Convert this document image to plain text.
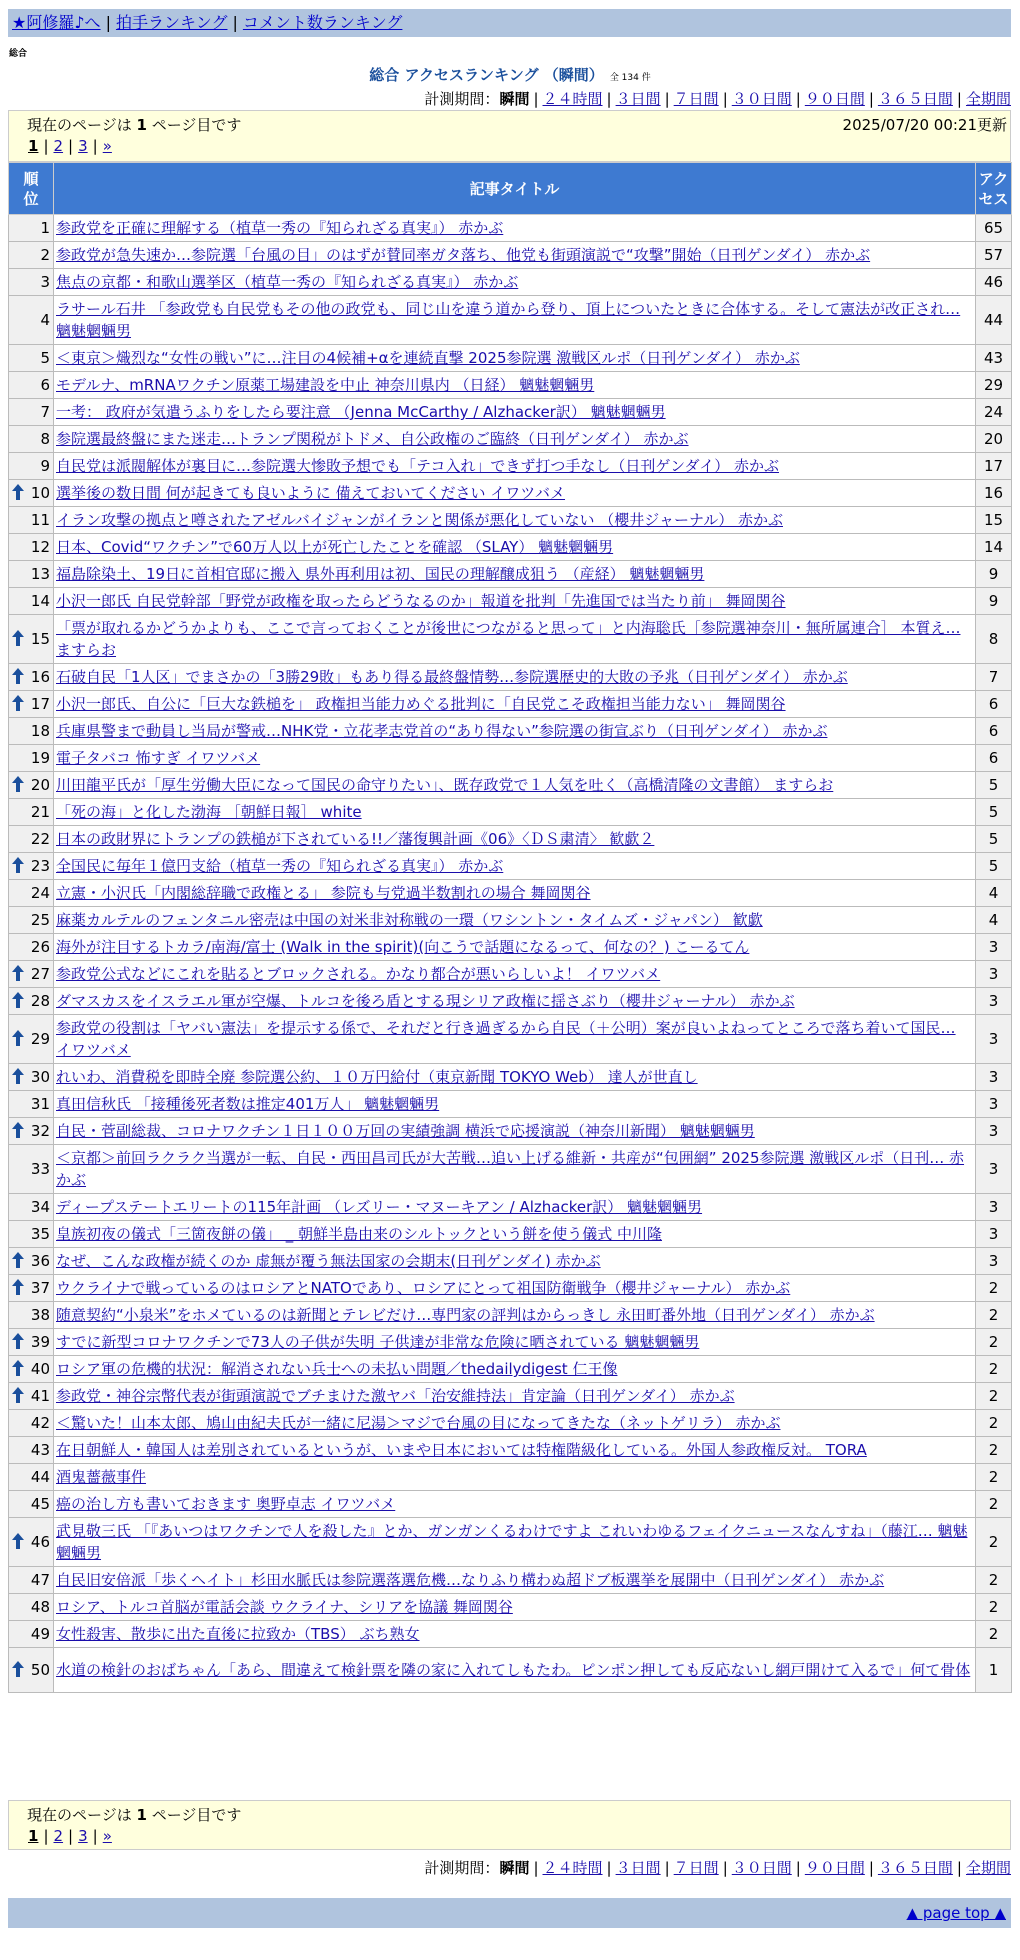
★阿修羅♪へ | 拍手ランキング | コメント数ランキング
総合
総合 アクセスランキング （瞬間） 全 134 件
計測期間：瞬間 | ２４時間 | ３日間 | ７日間 | ３０日間 | ９０日間 | ３６５日間 | 全期間
現在のページは 1 ページ目です	2025/07/20 00:21更新
1 | 2 | 3 | »
順位	記事タイトル	アクセス
1	参政党を正確に理解する（植草一秀の『知られざる真実』） 赤かぶ	65
2	参政党が急失速か…参院選「台風の目」のはずが賛同率ガタ落ち、他党も街頭演説で“攻撃”開始（日刊ゲンダイ） 赤かぶ	57
3	焦点の京都・和歌山選挙区（植草一秀の『知られざる真実』） 赤かぶ	46
4	ラサール石井 「参政党も自民党もその他の政党も、同じ山を違う道から登り、頂上についたときに合体する。そして憲法が改正され… 魑魅魍魎男	44
5	＜東京＞熾烈な“女性の戦い”に…注目の4候補+αを連続直撃 2025参院選 激戦区ルポ（日刊ゲンダイ） 赤かぶ	43
6	モデルナ、mRNAワクチン原薬工場建設を中止 神奈川県内 （日経） 魑魅魍魎男	29
7	一考： 政府が気遣うふりをしたら要注意 （Jenna McCarthy / Alzhacker訳） 魑魅魍魎男	24
8	参院選最終盤にまた迷走…トランプ関税がトドメ、自公政権のご臨終（日刊ゲンダイ） 赤かぶ	20
9	自民党は派閥解体が裏目に…参院選大惨敗予想でも「テコ入れ」できず打つ手なし（日刊ゲンダイ） 赤かぶ	17

10	選挙後の数日間 何が起きても良いように 備えておいてください イワツバメ	16
11	イラン攻撃の拠点と噂されたアゼルバイジャンがイランと関係が悪化していない （櫻井ジャーナル） 赤かぶ	15
12	日本、Covid“ワクチン”で60万人以上が死亡したことを確認 （SLAY） 魑魅魍魎男	14
13	福島除染土、19日に首相官邸に搬入 県外再利用は初、国民の理解醸成狙う （産経） 魑魅魍魎男	9
14	小沢一郎氏 自民党幹部「野党が政権を取ったらどうなるのか」報道を批判「先進国では当たり前」 舞岡関谷	9

15	「票が取れるかどうかよりも、ここで言っておくことが後世につながると思って」と内海聡氏［参院選神奈川・無所属連合］ 本質え… ますらお	8

16	石破自民「1人区」でまさかの「3勝29敗」もあり得る最終盤情勢…参院選歴史的大敗の予兆（日刊ゲンダイ） 赤かぶ	7

17	小沢一郎氏、自公に「巨大な鉄槌を」 政権担当能力めぐる批判に「自民党こそ政権担当能力ない」 舞岡関谷	6
18	兵庫県警まで動員し当局が警戒…NHK党・立花孝志党首の“あり得ない”参院選の街宣ぶり（日刊ゲンダイ） 赤かぶ	6
19	電子タバコ 怖すぎ イワツバメ	6

20	川田龍平氏が「厚生労働大臣になって国民の命守りたい」、既存政党で１人気を吐く（高橋清隆の文書館） ますらお	5
21	「死の海」と化した渤海 ［朝鮮日報］ white	5
22	日本の政財界にトランプの鉄槌が下されている!!／藩復興計画《06》〈ＤＳ粛清〉 歓歔２	5

23	全国民に毎年１億円支給（植草一秀の『知られざる真実』） 赤かぶ	5
24	立憲・小沢氏「内閣総辞職で政権とる」 参院も与党過半数割れの場合 舞岡関谷	4
25	麻薬カルテルのフェンタニル密売は中国の対米非対称戦の一環（ワシントン・タイムズ・ジャパン） 歓歔	4
26	海外が注目するトカラ/南海/富士 (Walk in the spirit)(向こうで話題になるって、何なの？) こーるてん	3

27	参政党公式などにこれを貼るとブロックされる。かなり都合が悪いらしいよ！ イワツバメ	3

28	ダマスカスをイスラエル軍が空爆、トルコを後ろ盾とする現シリア政権に揺さぶり（櫻井ジャーナル） 赤かぶ	3

29	参政党の役割は「ヤバい憲法」を提示する係で、それだと行き過ぎるから自民（＋公明）案が良いよねってところで落ち着いて国民… イワツバメ	3

30	れいわ、消費税を即時全廃 参院選公約、１０万円給付（東京新聞 TOKYO Web） 達人が世直し	3
31	真田信秋氏 「接種後死者数は推定401万人」 魑魅魍魎男	3

32	自民・菅副総裁、コロナワクチン１日１００万回の実績強調 横浜で応援演説（神奈川新聞） 魑魅魍魎男	3
33	＜京都＞前回ラクラク当選が一転、自民・西田昌司氏が大苦戦…追い上げる維新・共産が“包囲網” 2025参院選 激戦区ルポ（日刊… 赤かぶ	3
34	ディープステートエリートの115年計画 （レズリー・マヌーキアン / Alzhacker訳） 魑魅魍魎男	3
35	皇族初夜の儀式「三箇夜餅の儀」 _ 朝鮮半島由来のシルトックという餅を使う儀式 中川隆	3

36	なぜ、こんな政権が続くのか 虚無が覆う無法国家の会期末(日刊ゲンダイ) 赤かぶ	3

37	ウクライナで戦っているのはロシアとNATOであり、ロシアにとって祖国防衛戦争（櫻井ジャーナル） 赤かぶ	2
38	随意契約“小泉米”をホメているのは新聞とテレビだけ…専門家の評判はからっきし 永田町番外地（日刊ゲンダイ） 赤かぶ	2

39	すでに新型コロナワクチンで73人の子供が失明 子供達が非常な危険に晒されている 魑魅魍魎男	2

40	ロシア軍の危機的状況：解消されない兵士への未払い問題／thedailydigest 仁王像	2

41	参政党・神谷宗幣代表が街頭演説でブチまけた激ヤバ「治安維持法」肯定論（日刊ゲンダイ） 赤かぶ	2
42	＜驚いた！山本太郎、鳩山由紀夫氏が一緒に尼湯＞マジで台風の目になってきたな（ネットゲリラ） 赤かぶ	2
43	在日朝鮮人・韓国人は差別されているというが、いまや日本においては特権階級化している。外国人参政権反対。 TORA	2
44	酒鬼薔薇事件	2
45	癌の治し方も書いておきます 奥野卓志 イワツバメ	2

46	武見敬三氏 「『あいつはワクチンで人を殺した』とか、ガンガンくるわけですよ これいわゆるフェイクニュースなんすね」（藤江… 魑魅魍魎男	2
47	自民旧安倍派「歩くヘイト」杉田水脈氏は参院選落選危機…なりふり構わぬ超ドブ板選挙を展開中（日刊ゲンダイ） 赤かぶ	2
48	ロシア、トルコ首脳が電話会談 ウクライナ、シリアを協議 舞岡関谷	2
49	女性殺害、散歩に出た直後に拉致か（TBS） ぶち熟女	2

50	水道の検針のおばちゃん「あら、間違えて検針票を隣の家に入れてしもたわ。ピンポン押しても反応ないし網戸開けて入るで」何て骨体	1
現在のページは 1 ページ目です
1 | 2 | 3 | »
計測期間：瞬間 | ２４時間 | ３日間 | ７日間 | ３０日間 | ９０日間 | ３６５日間 | 全期間
▲ page top ▲
